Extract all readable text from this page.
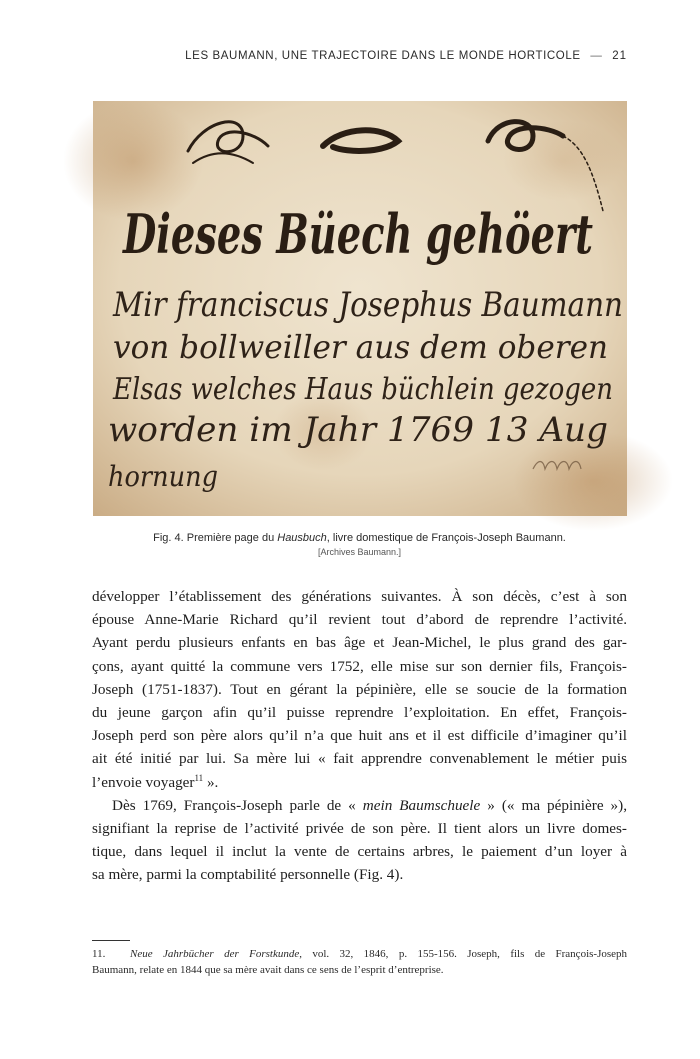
LES BAUMANN, UNE TRAJECTOIRE DANS LE MONDE HORTICOLE — 21
Dieses Büech gehöert
Mir franciscus Josephus Baumann
von bollweiller aus dem oberen
Elsas welches Haus büchlein gezogen
worden im Jahr 1769 13 Aug
hornung
Fig. 4. Première page du Hausbuch, livre domestique de François-Joseph Baumann.
[Archives Baumann.]

développer l’établissement des générations suivantes. À son décès, c’est à son
épouse Anne-Marie Richard qu’il revient tout d’abord de reprendre l’activité.
Ayant perdu plusieurs enfants en bas âge et Jean-Michel, le plus grand des gar-
çons, ayant quitté la commune vers 1752, elle mise sur son dernier fils, François-
Joseph (1751-1837). Tout en gérant la pépinière, elle se soucie de la formation
du jeune garçon afin qu’il puisse reprendre l’exploitation. En effet, François-
Joseph perd son père alors qu’il n’a que huit ans et il est difficile d’imaginer qu’il
ait été initié par lui. Sa mère lui « fait apprendre convenablement le métier puis
l’envoie voyager$^{11}$ ».

Dès 1769, François-Joseph parle de « mein Baumschuele » (« ma pépinière »),
signifiant la reprise de l’activité privée de son père. Il tient alors un livre domes-
tique, dans lequel il inclut la vente de certains arbres, le paiement d’un loyer à
sa mère, parmi la comptabilité personnelle (Fig. 4).

11. Neue Jahrbücher der Forstkunde, vol. 32, 1846, p. 155-156. Joseph, fils de François-Joseph
Baumann, relate en 1844 que sa mère avait dans ce sens de l’esprit d’entreprise.
